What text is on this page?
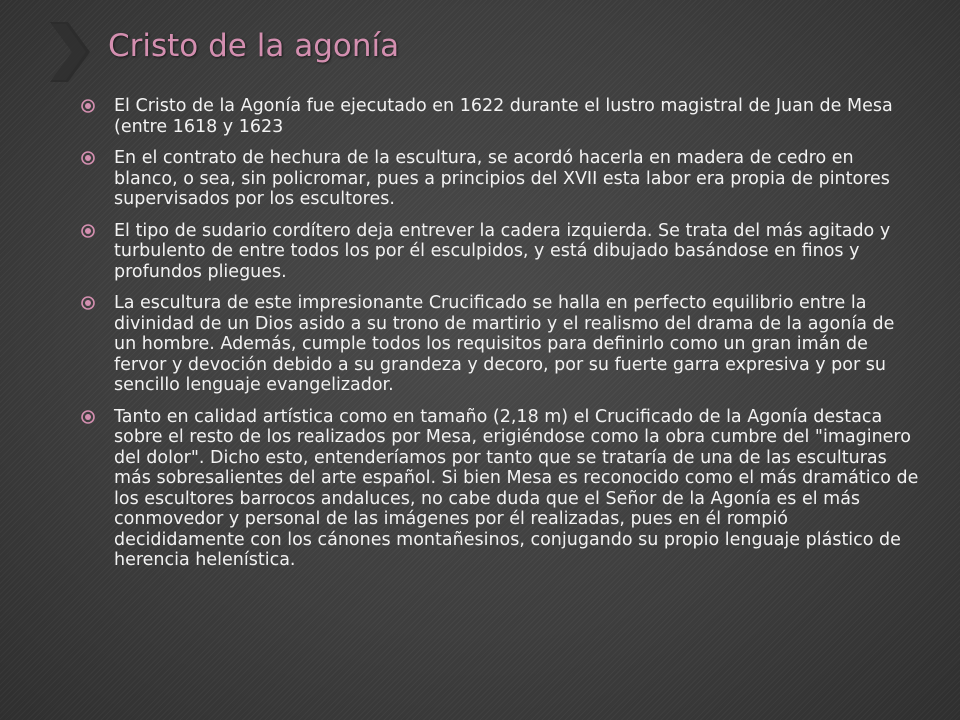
Cristo de la agonía
El Cristo de la Agonía fue ejecutado en 1622 durante el lustro magistral de Juan de Mesa (entre 1618 y 1623
En el contrato de hechura de la escultura, se acordó hacerla en madera de cedro en blanco, o sea, sin policromar, pues a principios del XVII esta labor era propia de pintores supervisados por los escultores.
El tipo de sudario cordítero deja entrever la cadera izquierda. Se trata del más agitado y turbulento de entre todos los por él esculpidos, y está dibujado basándose en finos y profundos pliegues.
La escultura de este impresionante Crucificado se halla en perfecto equilibrio entre la divinidad de un Dios asido a su trono de martirio y el realismo del drama de la agonía de un hombre. Además, cumple todos los requisitos para definirlo como un gran imán de fervor y devoción debido a su grandeza y decoro, por su fuerte garra expresiva y por su sencillo lenguaje evangelizador.
Tanto en calidad artística como en tamaño (2,18 m) el Crucificado de la Agonía destaca sobre el resto de los realizados por Mesa, erigiéndose como la obra cumbre del "imaginero del dolor". Dicho esto, entenderíamos por tanto que se trataría de una de las esculturas más sobresalientes del arte español. Si bien Mesa es reconocido como el más dramático de los escultores barrocos andaluces, no cabe duda que el Señor de la Agonía es el más conmovedor y personal de las imágenes por él realizadas, pues en él rompió decididamente con los cánones montañesinos, conjugando su propio lenguaje plástico de herencia helenística.
